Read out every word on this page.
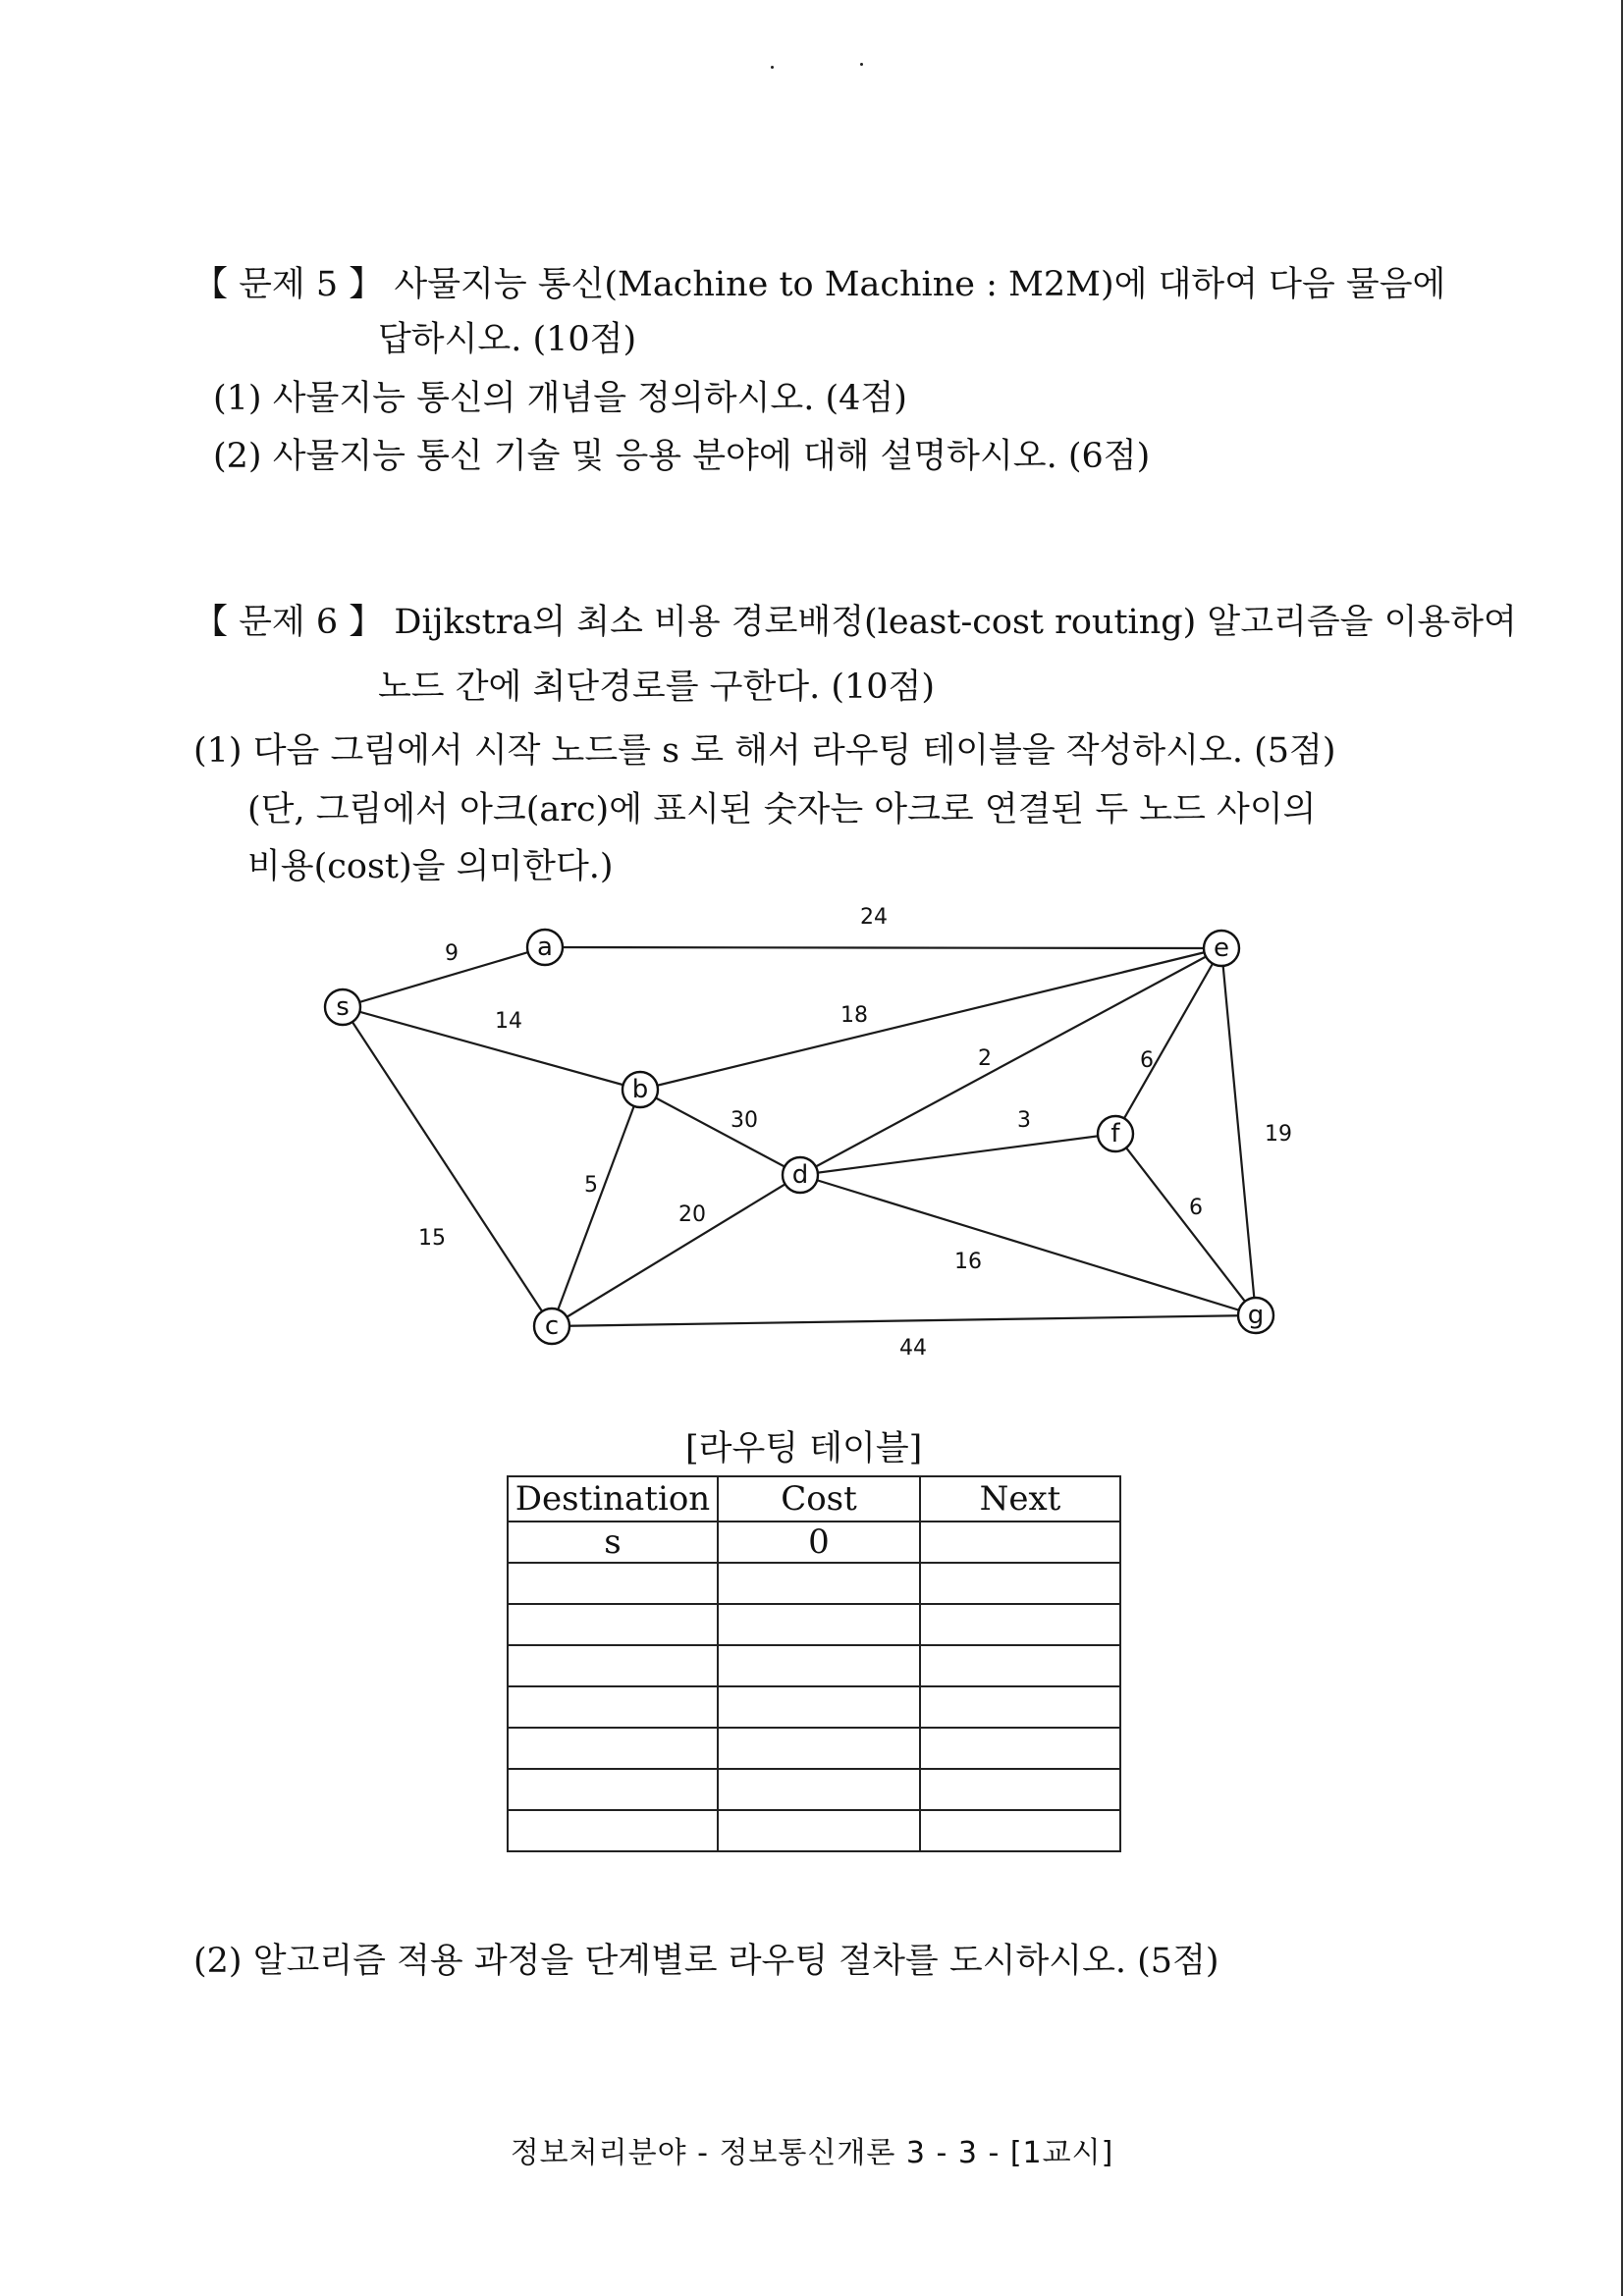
【 문제 5 】 사물지능 통신(Machine to Machine : M2M)에 대하여 다음 물음에
답하시오. (10점)
(1) 사물지능 통신의 개념을 정의하시오. (4점)
(2) 사물지능 통신 기술 및 응용 분야에 대해 설명하시오. (6점)
【 문제 6 】 Dijkstra의 최소 비용 경로배정(least-cost routing) 알고리즘을 이용하여
노드 간에 최단경로를 구한다. (10점)
(1) 다음 그림에서 시작 노드를 s 로 해서 라우팅 테이블을 작성하시오. (5점)
(단, 그림에서 아크(arc)에 표시된 숫자는 아크로 연결된 두 노드 사이의
비용(cost)을 의미한다.)
9
14
15
24
18
30
5
20
44
2
3
16
6
19
6
s
a
b
c
d
e
f
g
[라우팅 테이블]
Destination	Cost	Next
s	0	

(2) 알고리즘 적용 과정을 단계별로 라우팅 절차를 도시하시오. (5점)
정보처리분야 - 정보통신개론 3 - 3 - [1교시]
